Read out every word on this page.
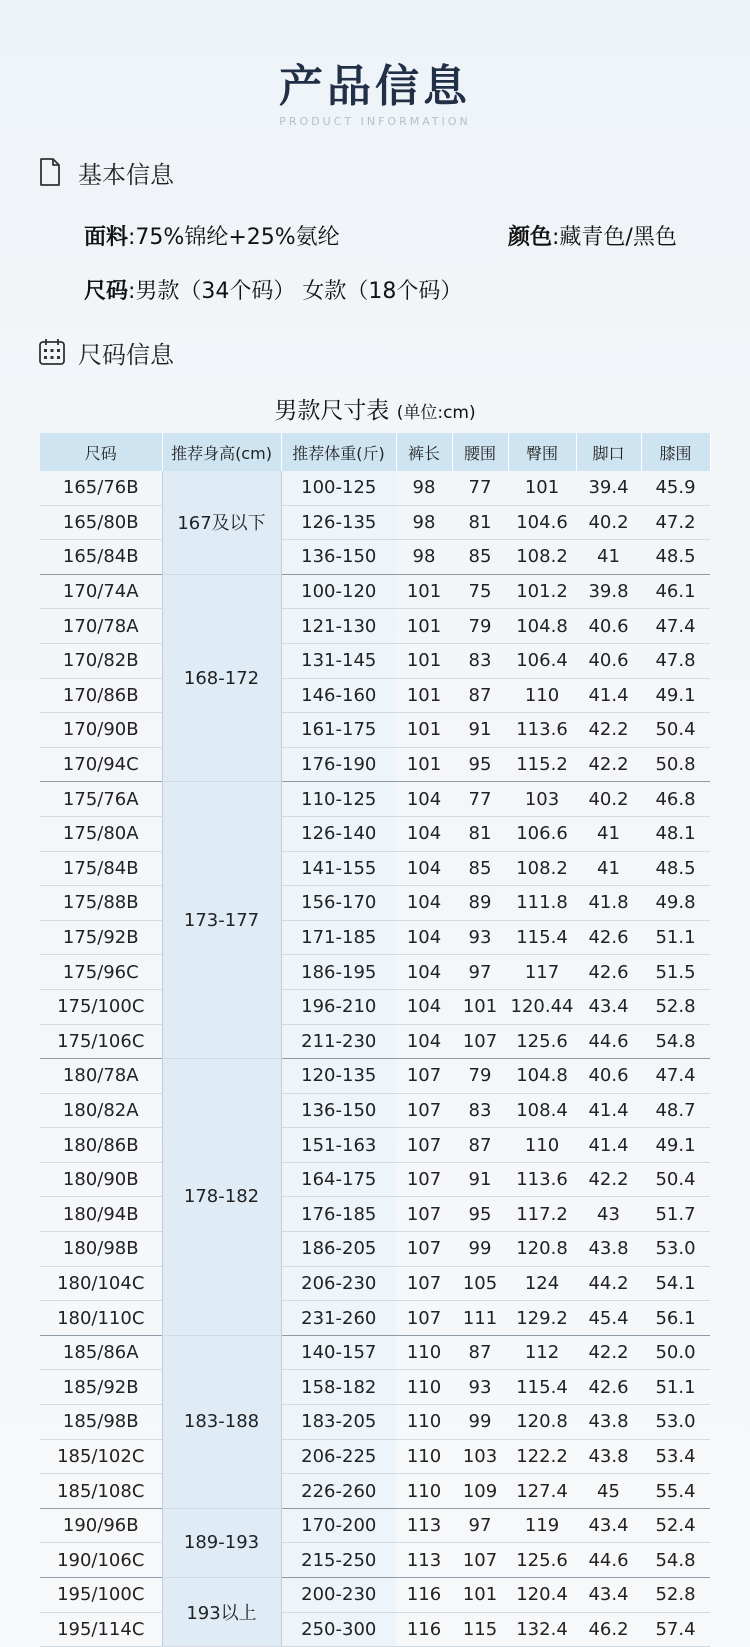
产品信息
PRODUCT INFORMATION
基本信息
面料:75%锦纶+25%氨纶	颜色:藏青色/黑色
尺码:男款（34个码） 女款（18个码）
尺码信息
男款尺寸表 (单位:cm)
尺码	推荐身高(cm)	推荐体重(斤)	裤长	腰围	臀围	脚口	膝围
165/76B	167及以下	100-125	98	77	101	39.4	45.9
165/80B		126-135	98	81	104.6	40.2	47.2
165/84B		136-150	98	85	108.2	41	48.5
170/74A	168-172	100-120	101	75	101.2	39.8	46.1
170/78A		121-130	101	79	104.8	40.6	47.4
170/82B		131-145	101	83	106.4	40.6	47.8
170/86B		146-160	101	87	110	41.4	49.1
170/90B		161-175	101	91	113.6	42.2	50.4
170/94C		176-190	101	95	115.2	42.2	50.8
175/76A	173-177	110-125	104	77	103	40.2	46.8
175/80A		126-140	104	81	106.6	41	48.1
175/84B		141-155	104	85	108.2	41	48.5
175/88B		156-170	104	89	111.8	41.8	49.8
175/92B		171-185	104	93	115.4	42.6	51.1
175/96C		186-195	104	97	117	42.6	51.5
175/100C		196-210	104	101	120.44	43.4	52.8
175/106C		211-230	104	107	125.6	44.6	54.8
180/78A	178-182	120-135	107	79	104.8	40.6	47.4
180/82A		136-150	107	83	108.4	41.4	48.7
180/86B		151-163	107	87	110	41.4	49.1
180/90B		164-175	107	91	113.6	42.2	50.4
180/94B		176-185	107	95	117.2	43	51.7
180/98B		186-205	107	99	120.8	43.8	53.0
180/104C		206-230	107	105	124	44.2	54.1
180/110C		231-260	107	111	129.2	45.4	56.1
185/86A	183-188	140-157	110	87	112	42.2	50.0
185/92B		158-182	110	93	115.4	42.6	51.1
185/98B		183-205	110	99	120.8	43.8	53.0
185/102C		206-225	110	103	122.2	43.8	53.4
185/108C		226-260	110	109	127.4	45	55.4
190/96B	189-193	170-200	113	97	119	43.4	52.4
190/106C		215-250	113	107	125.6	44.6	54.8
195/100C	193以上	200-230	116	101	120.4	43.4	52.8
195/114C		250-300	116	115	132.4	46.2	57.4
